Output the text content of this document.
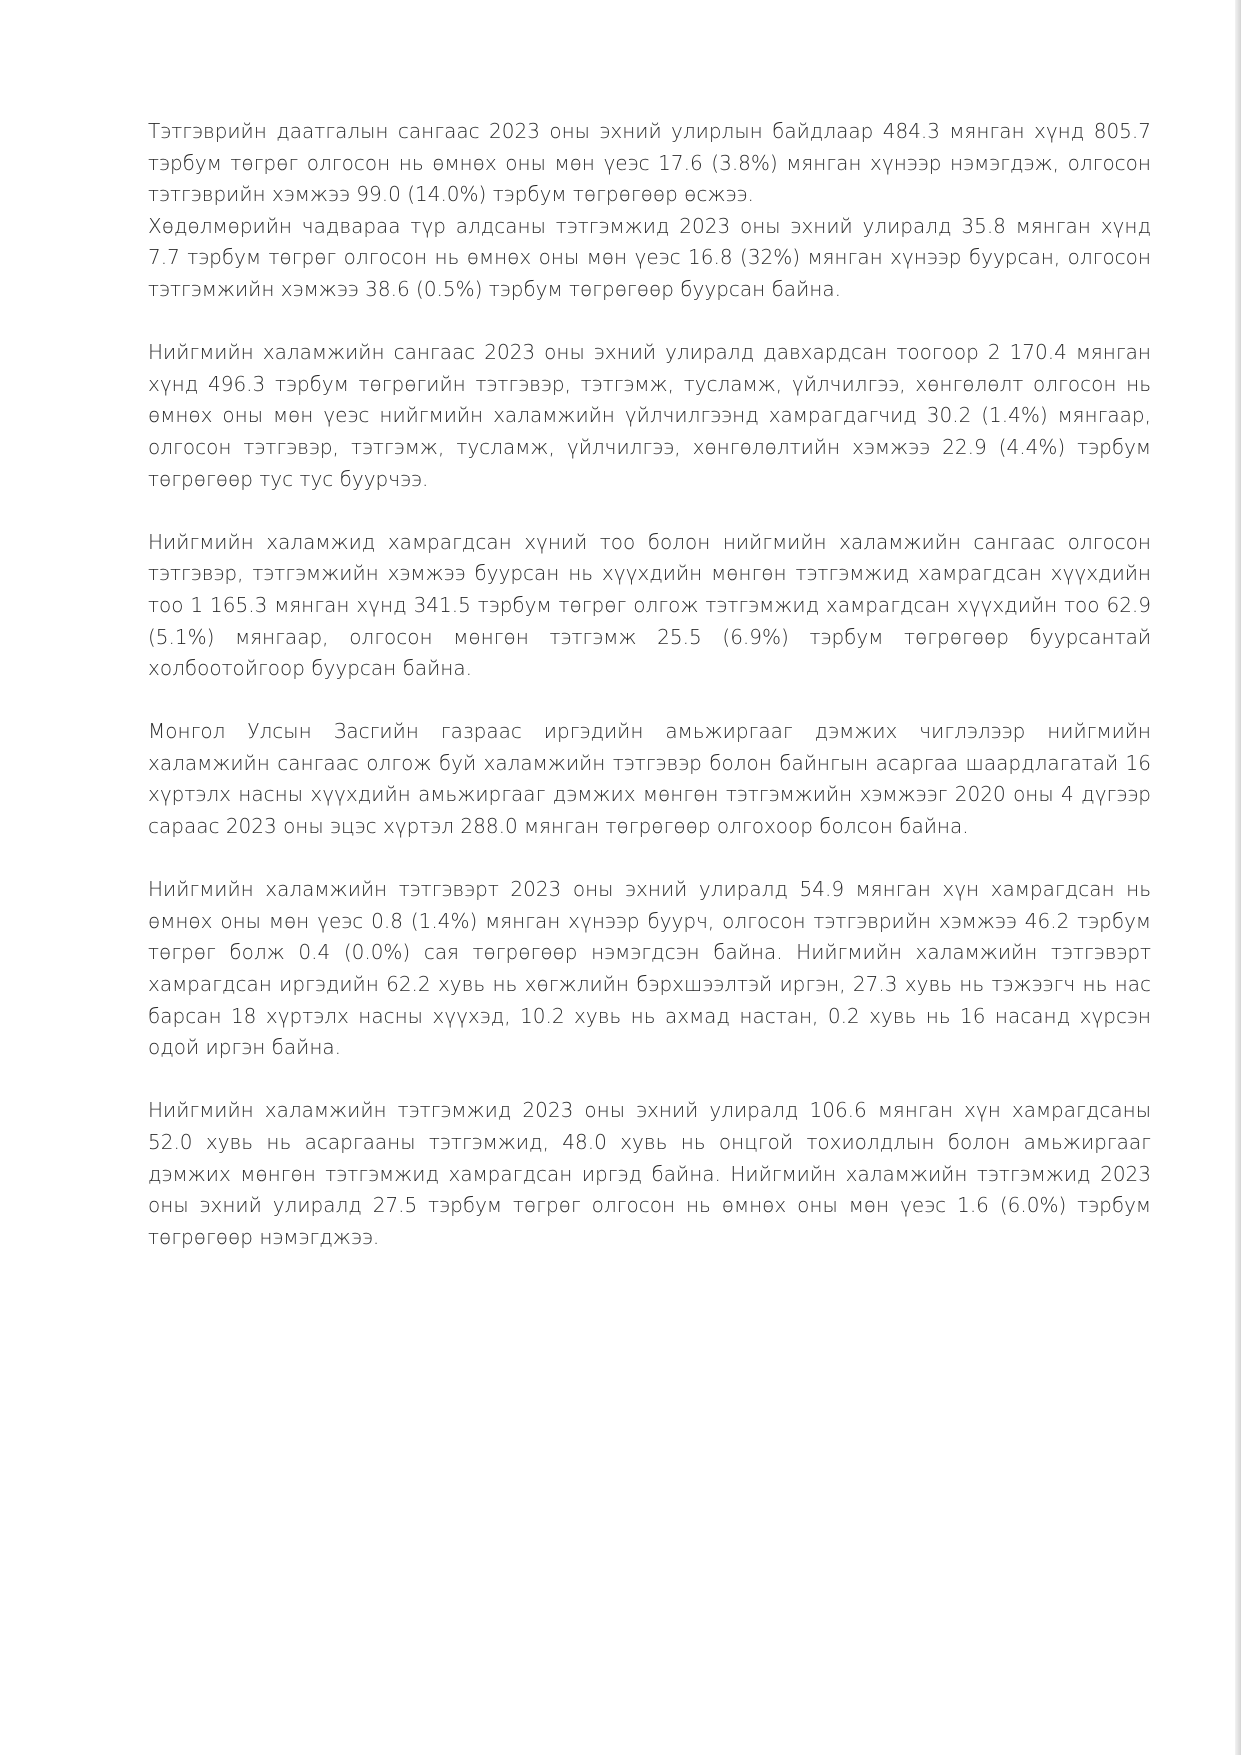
Тэтгэврийн даатгалын сангаас 2023 оны эхний улирлын байдлаар 484.3 мянган хүнд 805.7 тэрбум төгрөг олгосон нь өмнөх оны мөн үеэс 17.6 (3.8%) мянган хүнээр нэмэгдэж, олгосон тэтгэврийн хэмжээ 99.0 (14.0%) тэрбум төгрөгөөр өсжээ.

Хөдөлмөрийн чадвараа түр алдсаны тэтгэмжид 2023 оны эхний улиралд 35.8 мянган хүнд 7.7 тэрбум төгрөг олгосон нь өмнөх оны мөн үеэс 16.8 (32%) мянган хүнээр буурсан, олгосон тэтгэмжийн хэмжээ 38.6 (0.5%) тэрбум төгрөгөөр буурсан байна.

Нийгмийн халамжийн сангаас 2023 оны эхний улиралд давхардсан тоогоор 2 170.4 мянган хүнд 496.3 тэрбум төгрөгийн тэтгэвэр, тэтгэмж, тусламж, үйлчилгээ, хөнгөлөлт олгосон нь өмнөх оны мөн үеэс нийгмийн халамжийн үйлчилгээнд хамрагдагчид 30.2 (1.4%) мянгаар, олгосон тэтгэвэр, тэтгэмж, тусламж, үйлчилгээ, хөнгөлөлтийн хэмжээ 22.9 (4.4%) тэрбум төгрөгөөр тус тус буурчээ.

Нийгмийн халамжид хамрагдсан хүний тоо болон нийгмийн халамжийн сангаас олгосон тэтгэвэр, тэтгэмжийн хэмжээ буурсан нь хүүхдийн мөнгөн тэтгэмжид хамрагдсан хүүхдийн тоо 1 165.3 мянган хүнд 341.5 тэрбум төгрөг олгож тэтгэмжид хамрагдсан хүүхдийн тоо 62.9 (5.1%) мянгаар, олгосон мөнгөн тэтгэмж 25.5 (6.9%) тэрбум төгрөгөөр буурсантай холбоотойгоор буурсан байна.

Монгол Улсын Засгийн газраас иргэдийн амьжиргааг дэмжих чиглэлээр нийгмийн халамжийн сангаас олгож буй халамжийн тэтгэвэр болон байнгын асаргаа шаардлагатай 16 хүртэлх насны хүүхдийн амьжиргааг дэмжих мөнгөн тэтгэмжийн хэмжээг 2020 оны 4 дүгээр сараас 2023 оны эцэс хүртэл 288.0 мянган төгрөгөөр олгохоор болсон байна.

Нийгмийн халамжийн тэтгэвэрт 2023 оны эхний улиралд 54.9 мянган хүн хамрагдсан нь өмнөх оны мөн үеэс 0.8 (1.4%) мянган хүнээр буурч, олгосон тэтгэврийн хэмжээ 46.2 тэрбум төгрөг болж 0.4 (0.0%) сая төгрөгөөр нэмэгдсэн байна. Нийгмийн халамжийн тэтгэвэрт хамрагдсан иргэдийн 62.2 хувь нь хөгжлийн бэрхшээлтэй иргэн, 27.3 хувь нь тэжээгч нь нас барсан 18 хүртэлх насны хүүхэд, 10.2 хувь нь ахмад настан, 0.2 хувь нь 16 насанд хүрсэн одой иргэн байна.

Нийгмийн халамжийн тэтгэмжид 2023 оны эхний улиралд 106.6 мянган хүн хамрагдсаны 52.0 хувь нь асаргааны тэтгэмжид, 48.0 хувь нь онцгой тохиолдлын болон амьжиргааг дэмжих мөнгөн тэтгэмжид хамрагдсан иргэд байна. Нийгмийн халамжийн тэтгэмжид 2023 оны эхний улиралд 27.5 тэрбум төгрөг олгосон нь өмнөх оны мөн үеэс 1.6 (6.0%) тэрбум төгрөгөөр нэмэгджээ.
